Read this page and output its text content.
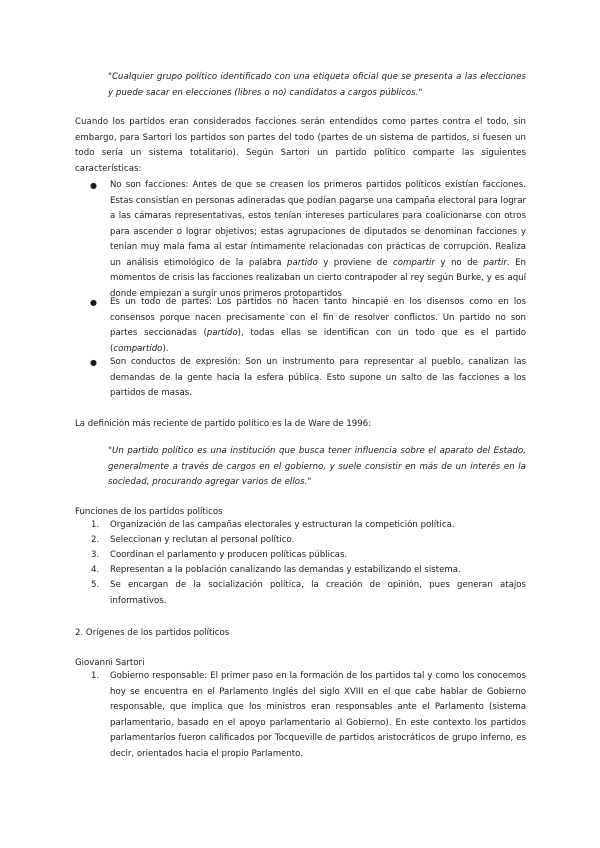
"Cualquier grupo político identificado con una etiqueta oficial que se presenta a las elecciones y puede sacar en elecciones (libres o no) candidatos a cargos públicos."

Cuando los partidos eran considerados facciones serán entendidos como partes contra el todo, sin embargo, para Sartori los partidos son partes del todo (partes de un sistema de partidos, si fuesen un todo sería un sistema totalitario). Según Sartori un partido político comparte las siguientes características:

● No son facciones: Antes de que se creasen los primeros partidos políticos existían facciones. Estas consistían en personas adineradas que podían pagarse una campaña electoral para lograr a las cámaras representativas, estos tenían intereses particulares para coalicionarse con otros para ascender o lograr objetivos; estas agrupaciones de diputados se denominan facciones y tenían muy mala fama al estar íntimamente relacionadas con prácticas de corrupción. Realiza un análisis etimológico de la palabra partido y proviene de compartir y no de partir. En momentos de crisis las facciones realizaban un cierto contrapoder al rey según Burke, y es aquí donde empiezan a surgir unos primeros protopartidos

● Es un todo de partes: Los partidos no hacen tanto hincapié en los disensos como en los consensos porque nacen precisamente con el fin de resolver conflictos. Un partido no son partes seccionadas (partido), todas ellas se identifican con un todo que es el partido (compartido).

● Son conductos de expresión: Son un instrumento para representar al pueblo, canalizan las demandas de la gente hacia la esfera pública. Esto supone un salto de las facciones a los partidos de masas.

La definición más reciente de partido político es la de Ware de 1996:

"Un partido político es una institución que busca tener influencia sobre el aparato del Estado, generalmente a través de cargos en el gobierno, y suele consistir en más de un interés en la sociedad, procurando agregar varios de ellos."

Funciones de los partidos políticos

1. Organización de las campañas electorales y estructuran la competición política.

2. Seleccionan y reclutan al personal político.

3. Coordinan el parlamento y producen políticas públicas.

4. Representan a la población canalizando las demandas y estabilizando el sistema.

5. Se encargan de la socialización política, la creación de opinión, pues generan atajos informativos.

2. Orígenes de los partidos políticos

Giovanni Sartori

1. Gobierno responsable: El primer paso en la formación de los partidos tal y como los conocemos hoy se encuentra en el Parlamento Inglés del siglo XVIII en el que cabe hablar de Gobierno responsable, que implica que los ministros eran responsables ante el Parlamento (sistema parlamentario, basado en el apoyo parlamentario al Gobierno). En este contexto los partidos parlamentarios fueron calificados por Tocqueville de partidos aristocráticos de grupo inferno, es decir, orientados hacia el propio Parlamento.
